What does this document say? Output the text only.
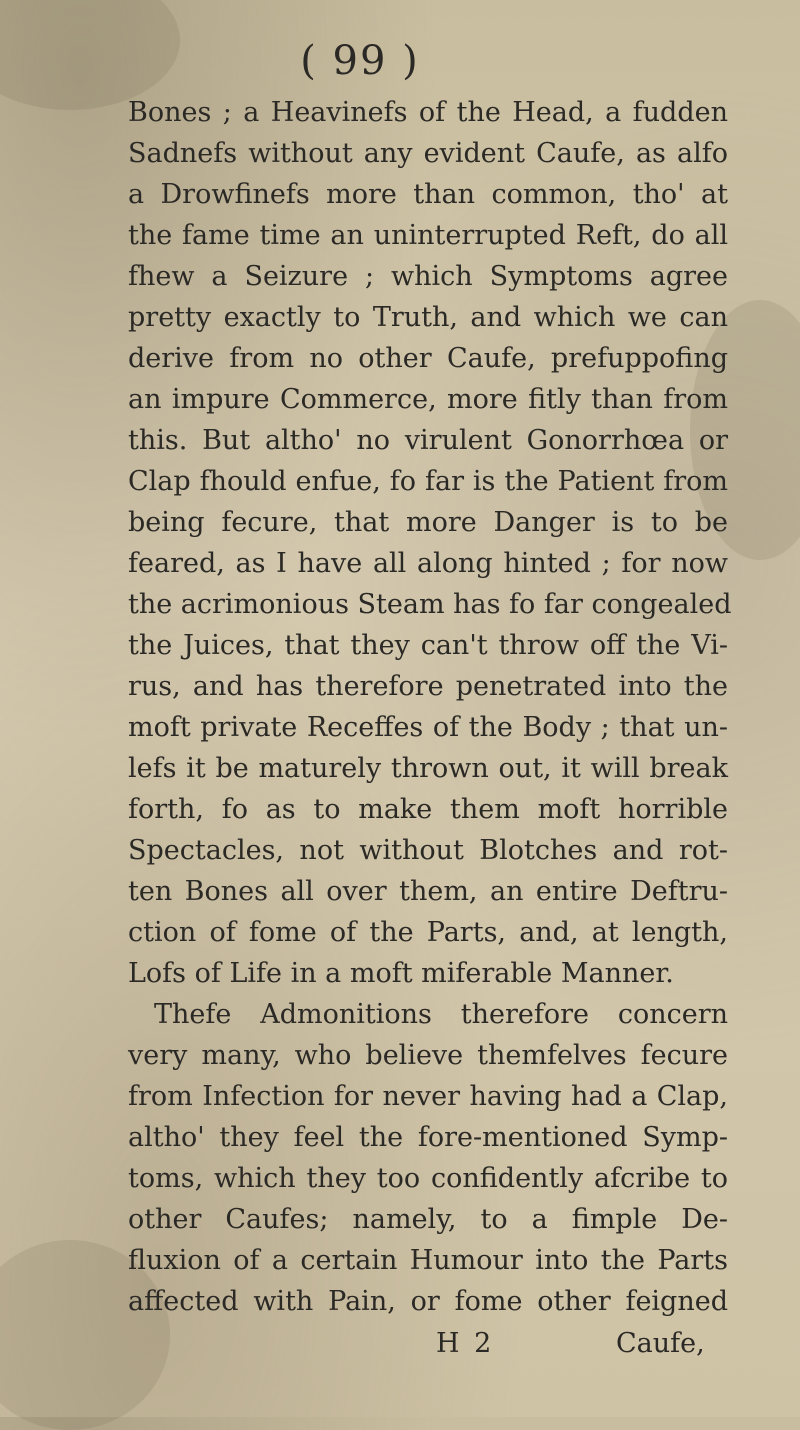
( 99 )
Bones ; a Heavinefs of the Head, a fudden
Sadnefs without any evident Caufe, as alfo
a Drowfinefs more than common, tho' at
the fame time an uninterrupted Reft, do all
fhew a Seizure ; which Symptoms agree
pretty exactly to Truth, and which we can
derive from no other Caufe, prefuppofing
an impure Commerce, more fitly than from
this. But altho' no virulent Gonorrhœa or
Clap fhould enfue, fo far is the Patient from
being fecure, that more Danger is to be
feared, as I have all along hinted ; for now
the acrimonious Steam has fo far congealed
the Juices, that they can't throw off the Vi-
rus, and has therefore penetrated into the
moft private Receffes of the Body ; that un-
lefs it be maturely thrown out, it will break
forth, fo as to make them moft horrible
Spectacles, not without Blotches and rot-
ten Bones all over them, an entire Deftru-
ction of fome of the Parts, and, at length,
Lofs of Life in a moft miferable Manner.
Thefe Admonitions therefore concern
very many, who believe themfelves fecure
from Infection for never having had a Clap,
altho' they feel the fore-mentioned Symp-
toms, which they too confidently afcribe to
other Caufes; namely, to a fimple De-
fluxion of a certain Humour into the Parts
affected with Pain, or fome other feigned
H 2	Caufe,
